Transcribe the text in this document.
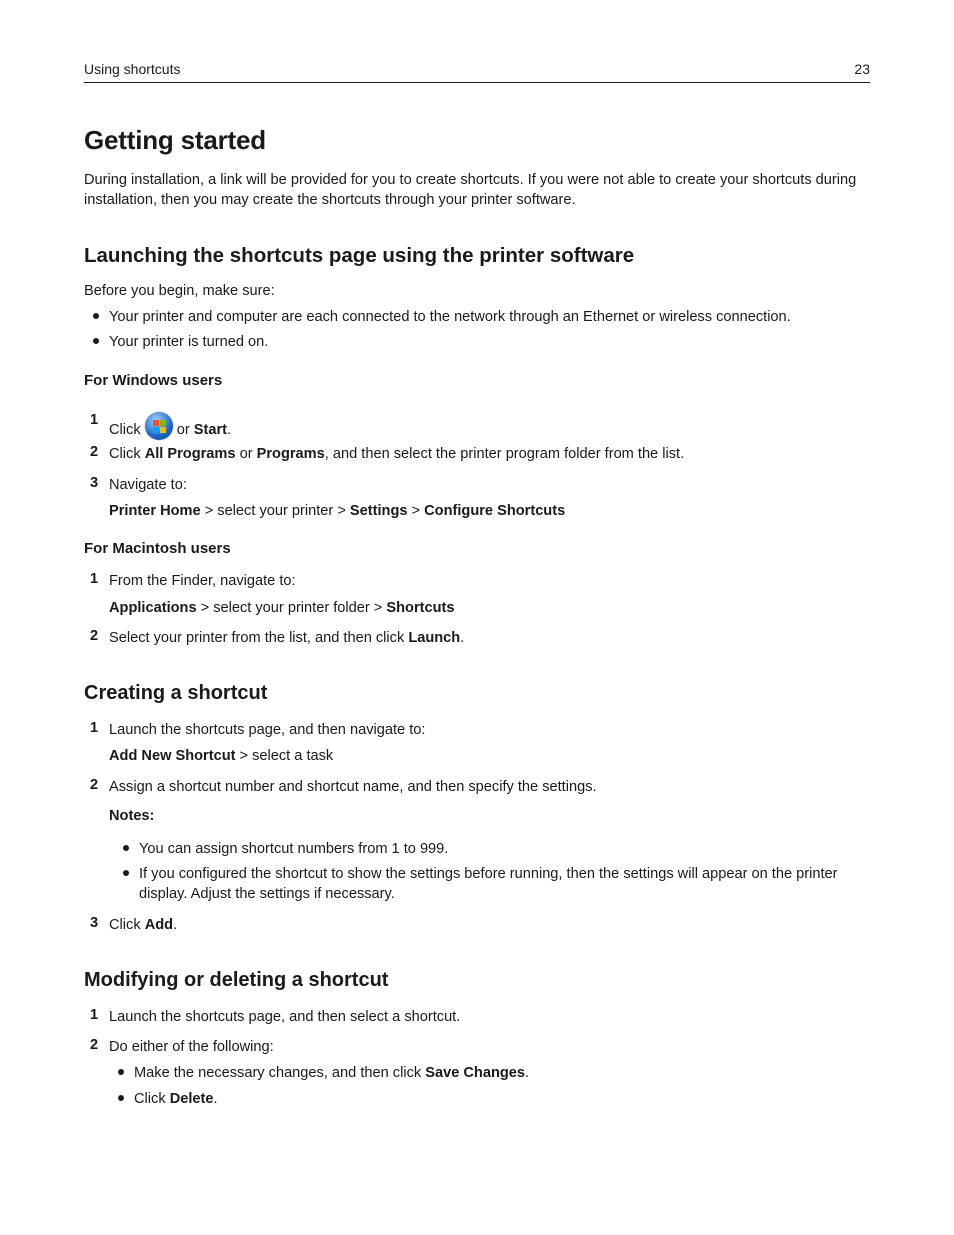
Using shortcuts	23
Getting started

During installation, a link will be provided for you to create shortcuts. If you were not able to create your shortcuts during installation, then you may create the shortcuts through your printer software.

Launching the shortcuts page using the printer software

Before you begin, make sure:

Your printer and computer are each connected to the network through an Ethernet or wireless connection.
Your printer is turned on.
For Windows users
1
Click or Start.
2 Click All Programs or Programs, and then select the printer program folder from the list.
3 Navigate to:
Printer Home > select your printer > Settings > Configure Shortcuts
For Macintosh users
1 From the Finder, navigate to:
Applications > select your printer folder > Shortcuts
2 Select your printer from the list, and then click Launch.
Creating a shortcut
1 Launch the shortcuts page, and then navigate to:
Add New Shortcut > select a task
2 Assign a shortcut number and shortcut name, and then specify the settings.
Notes:
You can assign shortcut numbers from 1 to 999.
If you configured the shortcut to show the settings before running, then the settings will appear on the printer display. Adjust the settings if necessary.
3 Click Add.
Modifying or deleting a shortcut
1 Launch the shortcuts page, and then select a shortcut.
2 Do either of the following:
Make the necessary changes, and then click Save Changes.
Click Delete.
